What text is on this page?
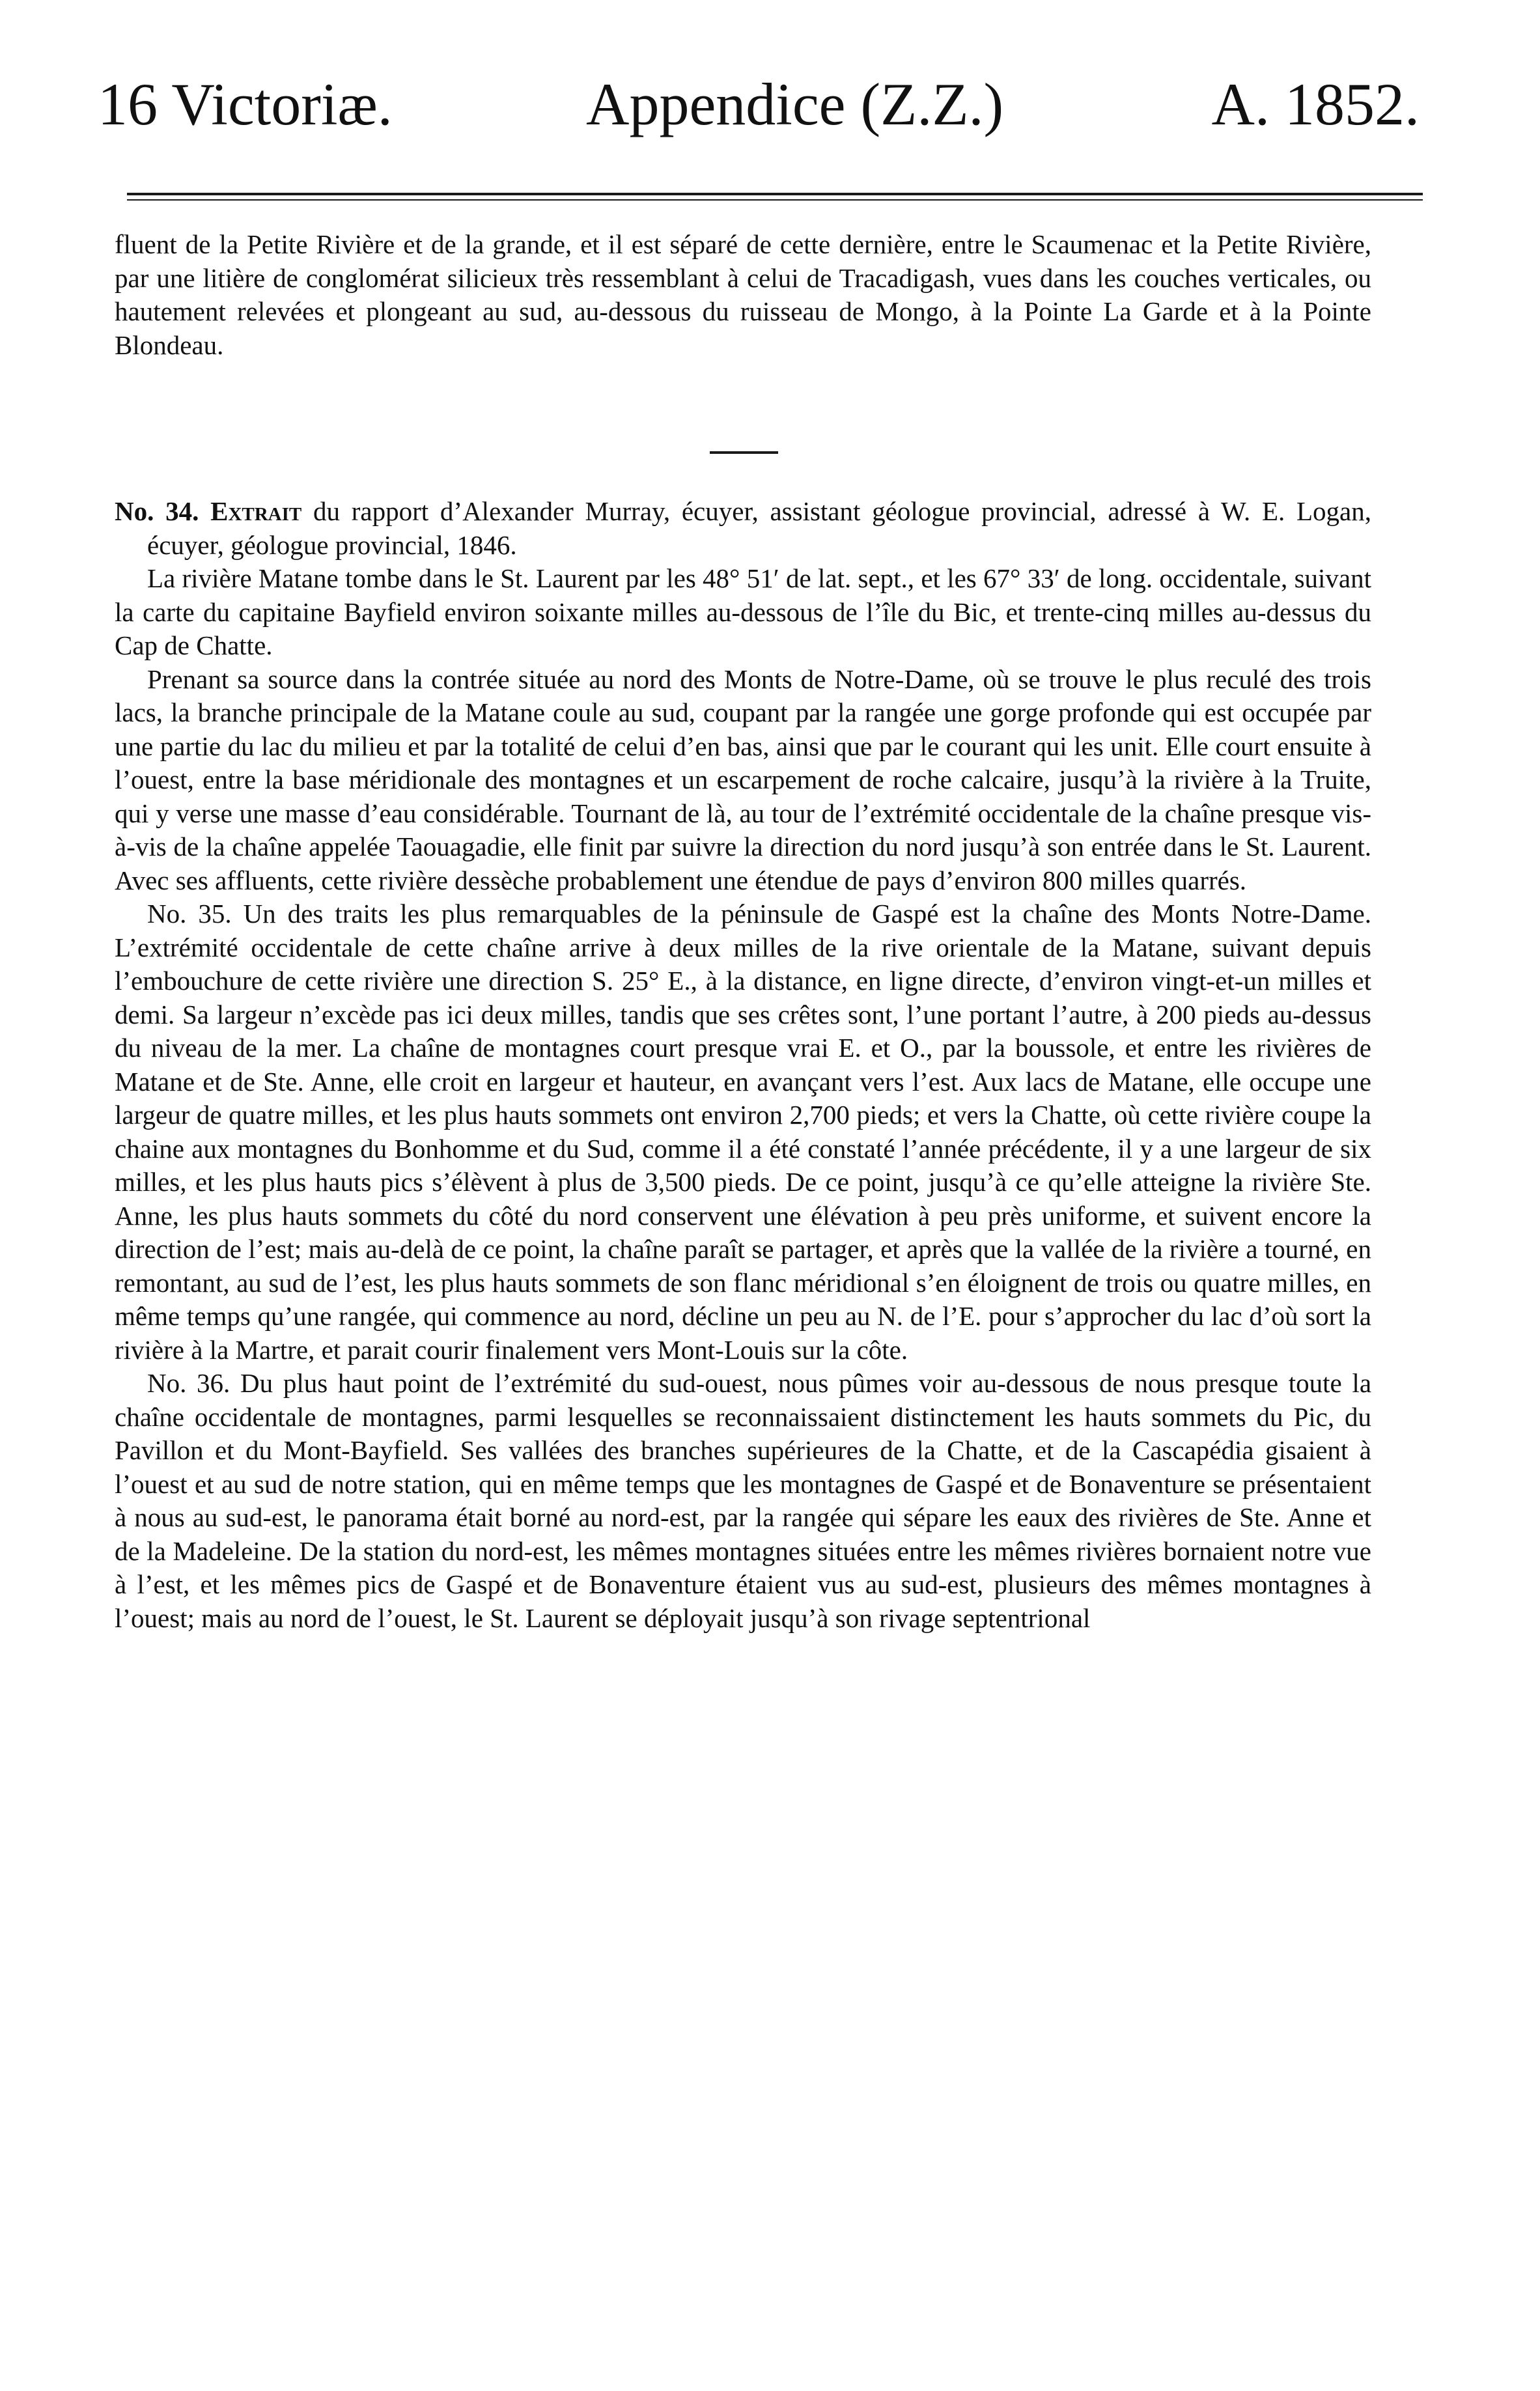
16 Victoriæ.	Appendice (Z.Z.)	A. 1852.

fluent de la Petite Rivière et de la grande, et il est séparé de cette dernière, entre le Scaumenac et la Petite Rivière, par une litière de conglomérat silicieux très ressemblant à celui de Tracadigash, vues dans les couches verticales, ou hautement relevées et plongeant au sud, au-dessous du ruisseau de Mongo, à la Pointe La Garde et à la Pointe Blondeau.

No. 34. Extrait du rapport d’Alexander Murray, écuyer, assistant géologue provincial, adressé à W. E. Logan, écuyer, géologue provincial, 1846.

La rivière Matane tombe dans le St. Laurent par les 48° 51′ de lat. sept., et les 67° 33′ de long. occidentale, suivant la carte du capitaine Bayfield environ soixante milles au-dessous de l’île du Bic, et trente-cinq milles au-dessus du Cap de Chatte.

Prenant sa source dans la contrée située au nord des Monts de Notre-Dame, où se trouve le plus reculé des trois lacs, la branche principale de la Matane coule au sud, coupant par la rangée une gorge profonde qui est occupée par une partie du lac du milieu et par la totalité de celui d’en bas, ainsi que par le courant qui les unit. Elle court ensuite à l’ouest, entre la base méridionale des montagnes et un escarpement de roche calcaire, jusqu’à la rivière à la Truite, qui y verse une masse d’eau considérable. Tournant de là, au tour de l’extrémité occidentale de la chaîne presque vis-à-vis de la chaîne appelée Taouagadie, elle finit par suivre la direction du nord jusqu’à son entrée dans le St. Laurent. Avec ses affluents, cette rivière dessèche probablement une étendue de pays d’environ 800 milles quarrés.

No. 35. Un des traits les plus remarquables de la péninsule de Gaspé est la chaîne des Monts Notre-Dame. L’extrémité occidentale de cette chaîne arrive à deux milles de la rive orientale de la Matane, suivant depuis l’embouchure de cette rivière une direction S. 25° E., à la distance, en ligne directe, d’environ vingt-et-un milles et demi. Sa largeur n’excède pas ici deux milles, tandis que ses crêtes sont, l’une portant l’autre, à 200 pieds au-dessus du niveau de la mer. La chaîne de montagnes court presque vrai E. et O., par la boussole, et entre les rivières de Matane et de Ste. Anne, elle croit en largeur et hauteur, en avançant vers l’est. Aux lacs de Matane, elle occupe une largeur de quatre milles, et les plus hauts sommets ont environ 2,700 pieds; et vers la Chatte, où cette rivière coupe la chaine aux montagnes du Bonhomme et du Sud, comme il a été constaté l’année précédente, il y a une largeur de six milles, et les plus hauts pics s’élèvent à plus de 3,500 pieds. De ce point, jusqu’à ce qu’elle atteigne la rivière Ste. Anne, les plus hauts sommets du côté du nord conservent une élévation à peu près uniforme, et suivent encore la direction de l’est; mais au-delà de ce point, la chaîne paraît se partager, et après que la vallée de la rivière a tourné, en remontant, au sud de l’est, les plus hauts sommets de son flanc méridional s’en éloignent de trois ou quatre milles, en même temps qu’une rangée, qui commence au nord, décline un peu au N. de l’E. pour s’approcher du lac d’où sort la rivière à la Martre, et parait courir finalement vers Mont-Louis sur la côte.

No. 36. Du plus haut point de l’extrémité du sud-ouest, nous pûmes voir au-dessous de nous presque toute la chaîne occidentale de montagnes, parmi lesquelles se reconnaissaient distinctement les hauts sommets du Pic, du Pavillon et du Mont-Bayfield. Ses vallées des branches supérieures de la Chatte, et de la Cascapédia gisaient à l’ouest et au sud de notre station, qui en même temps que les montagnes de Gaspé et de Bonaventure se présentaient à nous au sud-est, le panorama était borné au nord-est, par la rangée qui sépare les eaux des rivières de Ste. Anne et de la Madeleine. De la station du nord-est, les mêmes montagnes situées entre les mêmes rivières bornaient notre vue à l’est, et les mêmes pics de Gaspé et de Bonaventure étaient vus au sud-est, plusieurs des mêmes montagnes à l’ouest; mais au nord de l’ouest, le St. Laurent se déployait jusqu’à son rivage septentrional
